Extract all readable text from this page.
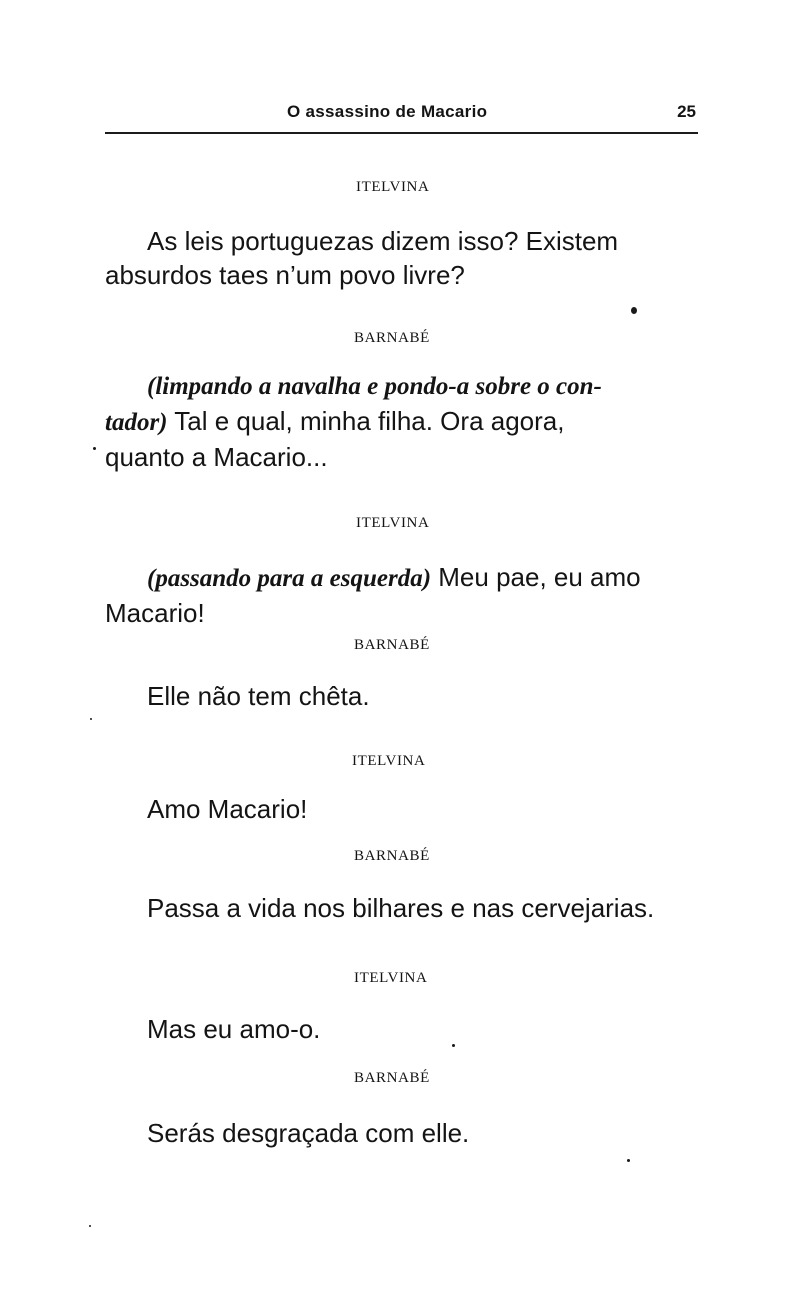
O assassino de Macario	25
ITELVINA
As leis portuguezas dizem isso? Existem
absurdos taes n’um povo livre?
BARNABÉ
(limpando a navalha e pondo-a sobre o con-
tador) Tal e qual, minha filha. Ora agora,
quanto a Macario...
ITELVINA
(passando para a esquerda) Meu pae, eu amo
Macario!
BARNABÉ
Elle não tem chêta.
ITELVINA
Amo Macario!
BARNABÉ
Passa a vida nos bilhares e nas cervejarias.
ITELVINA
Mas eu amo-o.
BARNABÉ
Serás desgraçada com elle.
